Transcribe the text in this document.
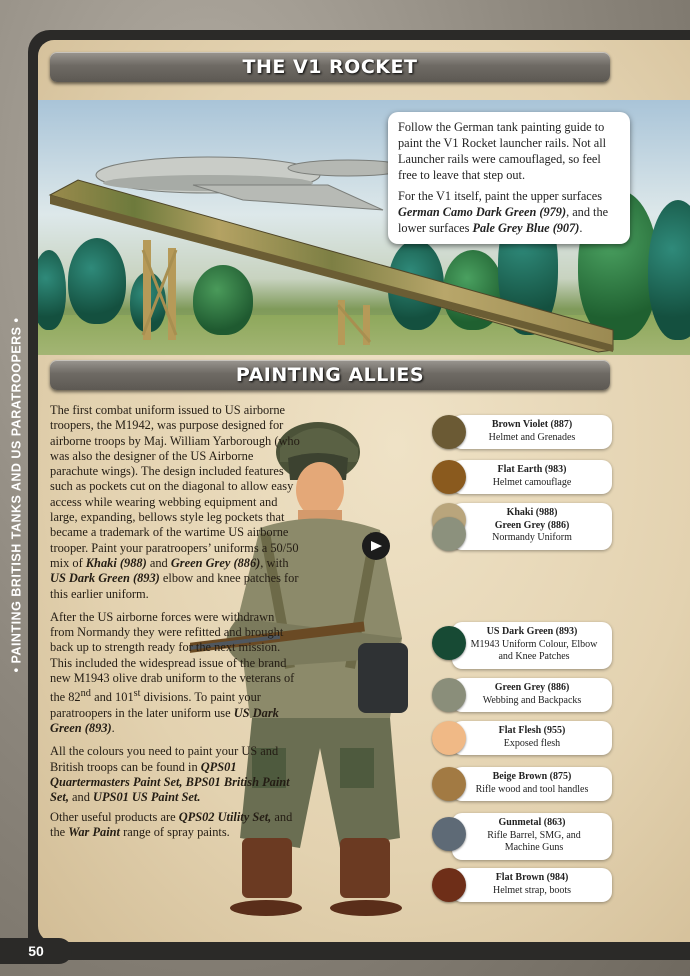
• PAINTING BRITISH TANKS AND US PARATROOPERS •
THE V1 ROCKET

Follow the German tank painting guide to paint the V1 Rocket launcher rails. Not all Launcher rails were camouflaged, so feel free to leave that step out.

For the V1 itself, paint the upper surfaces German Camo Dark Green (979), and the lower surfaces Pale Grey Blue (907).

PAINTING ALLIES

The first combat uniform issued to US airborne troopers, the M1942, was purpose designed for airborne troops by Maj. William Yarborough (who was also the designer of the US Airborne parachute wings). The design included features such as pockets cut on the diagonal to allow easy access while wearing webbing equipment and large, expanding, bellows style leg pockets that became a trademark of the wartime US airborne trooper. Paint your paratroopers’ uniforms a 50/50 mix of Khaki (988) and Green Grey (886), with US Dark Green (893) elbow and knee patches for this earlier uniform.

After the US airborne forces were withdrawn from Normandy they were refitted and brought back up to strength ready for the next mission. This included the widespread issue of the brand new M1943 olive drab uniform to the veterans of the 82nd and 101st divisions. To paint your paratroopers in the later uniform use US Dark Green (893).

All the colours you need to paint your US and British troops can be found in QPS01 Quartermasters Paint Set, BPS01 British Paint Set, and UPS01 US Paint Set.

Other useful products are QPS02 Utility Set, and the War Paint range of spray paints.

Brown Violet (887)
Helmet and Grenades
Flat Earth (983)
Helmet camouflage
Khaki (988)
Green Grey (886)
Normandy Uniform
US Dark Green (893)
M1943 Uniform Colour, Elbow and Knee Patches
Green Grey (886)
Webbing and Backpacks
Flat Flesh (955)
Exposed flesh
Beige Brown (875)
Rifle wood and tool handles
Gunmetal (863)
Rifle Barrel, SMG, and Machine Guns
Flat Brown (984)
Helmet strap, boots
50
